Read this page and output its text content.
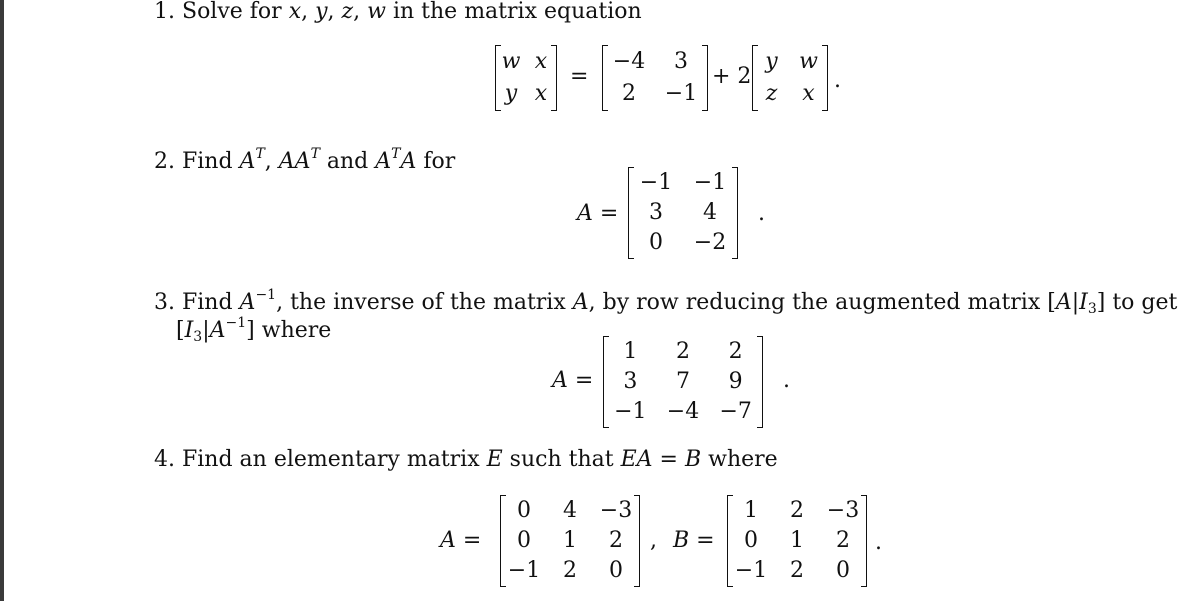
1. Solve for x, y, z, w in the matrix equation
w x
y x
=
−4 3
2 −1
+ 2
y w
z x
.
2. Find $A^T$, $AA^T$ and $A^TA$ for
A =
−1 −1
3 4
0 −2
.
3. Find $A^{-1}$, the inverse of the matrix A, by row reducing the augmented matrix $[A|I_3]$ to get
$[I_3|A^{-1}]$ where
A =
1 2 2
3 7 9
−1 −4 −7
.
4. Find an elementary matrix E such that EA = B where
A =
0 4 −3
0 1 2
−1 2 0
, B =
1 2 −3
0 1 2
−1 2 0
.
